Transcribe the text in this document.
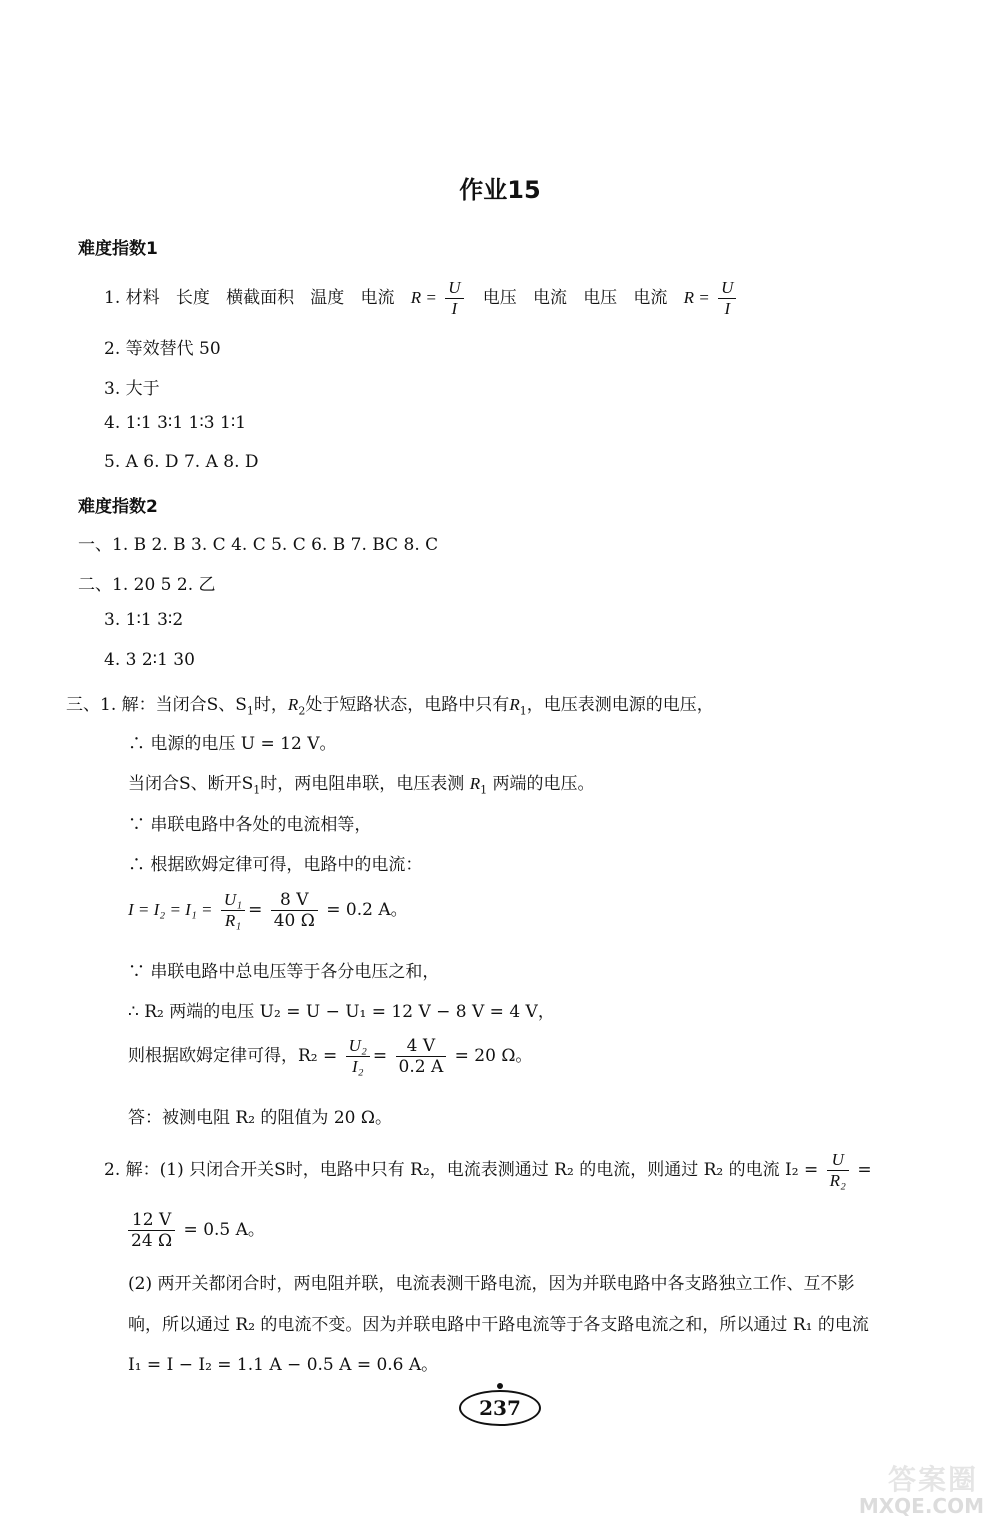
作业15
难度指数1
1. 材料 长度 横截面积 温度 电流 $R = \frac{U}{I}$ 电压 电流 电压 电流 $R = \frac{U}{I}$
2. 等效替代 50
3. 大于
4. 1∶1 3∶1 1∶3 1∶1
5. A 6. D 7. A 8. D
难度指数2
一、1. B 2. B 3. C 4. C 5. C 6. B 7. BC 8. C
二、1. 20 5 2. 乙
3. 1∶1 3∶2
4. 3 2∶1 30
三、1. 解：当闭合S、$S_1$时，$R_2$处于短路状态，电路中只有$R_1$，电压表测电源的电压，
∴ 电源的电压 U = 12 V。
当闭合S、断开$S_1$时，两电阻串联，电压表测 $R_1$ 两端的电压。
∵ 串联电路中各处的电流相等，
∴ 根据欧姆定律可得，电路中的电流：
$I = I_2 = I_1 = \frac{\text{U₁}}{\text{R₁}} = \frac{8 V}{40 \Omega} = 0.2$ A。
∵ 串联电路中总电压等于各分电压之和，
∴ R₂ 两端的电压 U₂ = U − U₁ = 12 V − 8 V = 4 V，
则根据欧姆定律可得，$R_2 = \frac{\text{U₂}}{\text{I₂}} = \frac{4 V}{0.2 A} = 20$ Ω。
答：被测电阻 R₂ 的阻值为 20 Ω。
2. 解：(1) 只闭合开关S时，电路中只有 R₂，电流表测通过 R₂ 的电流，则通过 R₂ 的电流 $I_2 = \frac{U}{\text{R₂}}$ =
$\frac{12 V}{24 \Omega} = 0.5$ A。
(2) 两开关都闭合时，两电阻并联，电流表测干路电流，因为并联电路中各支路独立工作、互不影
响，所以通过 R₂ 的电流不变。因为并联电路中干路电流等于各支路电流之和，所以通过 R₁ 的电流
I₁ = I − I₂ = 1.1 A − 0.5 A = 0.6 A。
237
答案圈
MXQE.COM
